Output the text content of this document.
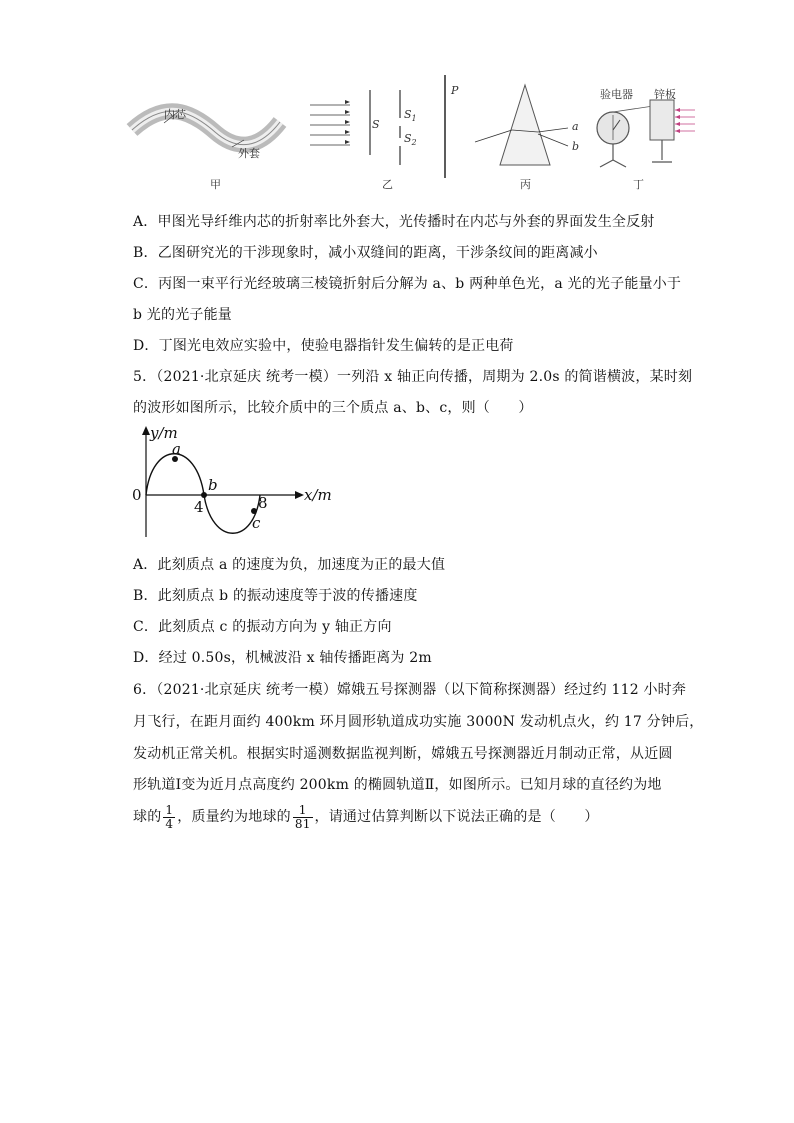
内芯
外套
S
$S_1$
$S_2$
P
a
b
验电器 锌板
甲	乙	丙	丁
A．甲图光导纤维内芯的折射率比外套大，光传播时在内芯与外套的界面发生全反射
B．乙图研究光的干涉现象时，减小双缝间的距离，干涉条纹间的距离减小
C．丙图一束平行光经玻璃三棱镜折射后分解为 a、b 两种单色光，a 光的光子能量小于
b 光的光子能量
D．丁图光电效应实验中，使验电器指针发生偏转的是正电荷
5．（2021·北京延庆 统考一模）一列沿 x 轴正向传播，周期为 2.0s 的简谐横波，某时刻
的波形如图所示，比较介质中的三个质点 a、b、c，则（　　）
y/m
x/m
0
4	8
a
b
c
A．此刻质点 a 的速度为负，加速度为正的最大值
B．此刻质点 b 的振动速度等于波的传播速度
C．此刻质点 c 的振动方向为 y 轴正方向
D．经过 0.50s，机械波沿 x 轴传播距离为 2m
6．（2021·北京延庆 统考一模）嫦娥五号探测器（以下简称探测器）经过约 112 小时奔
月飞行，在距月面约 400km 环月圆形轨道成功实施 3000N 发动机点火，约 17 分钟后，
发动机正常关机。根据实时遥测数据监视判断，嫦娥五号探测器近月制动正常，从近圆
形轨道Ⅰ变为近月点高度约 200km 的椭圆轨道Ⅱ，如图所示。已知月球的直径约为地
球的 $\frac{1}{4}$ ，质量约为地球的 $\frac{1}{81}$ ，请通过估算判断以下说法正确的是（　　）
